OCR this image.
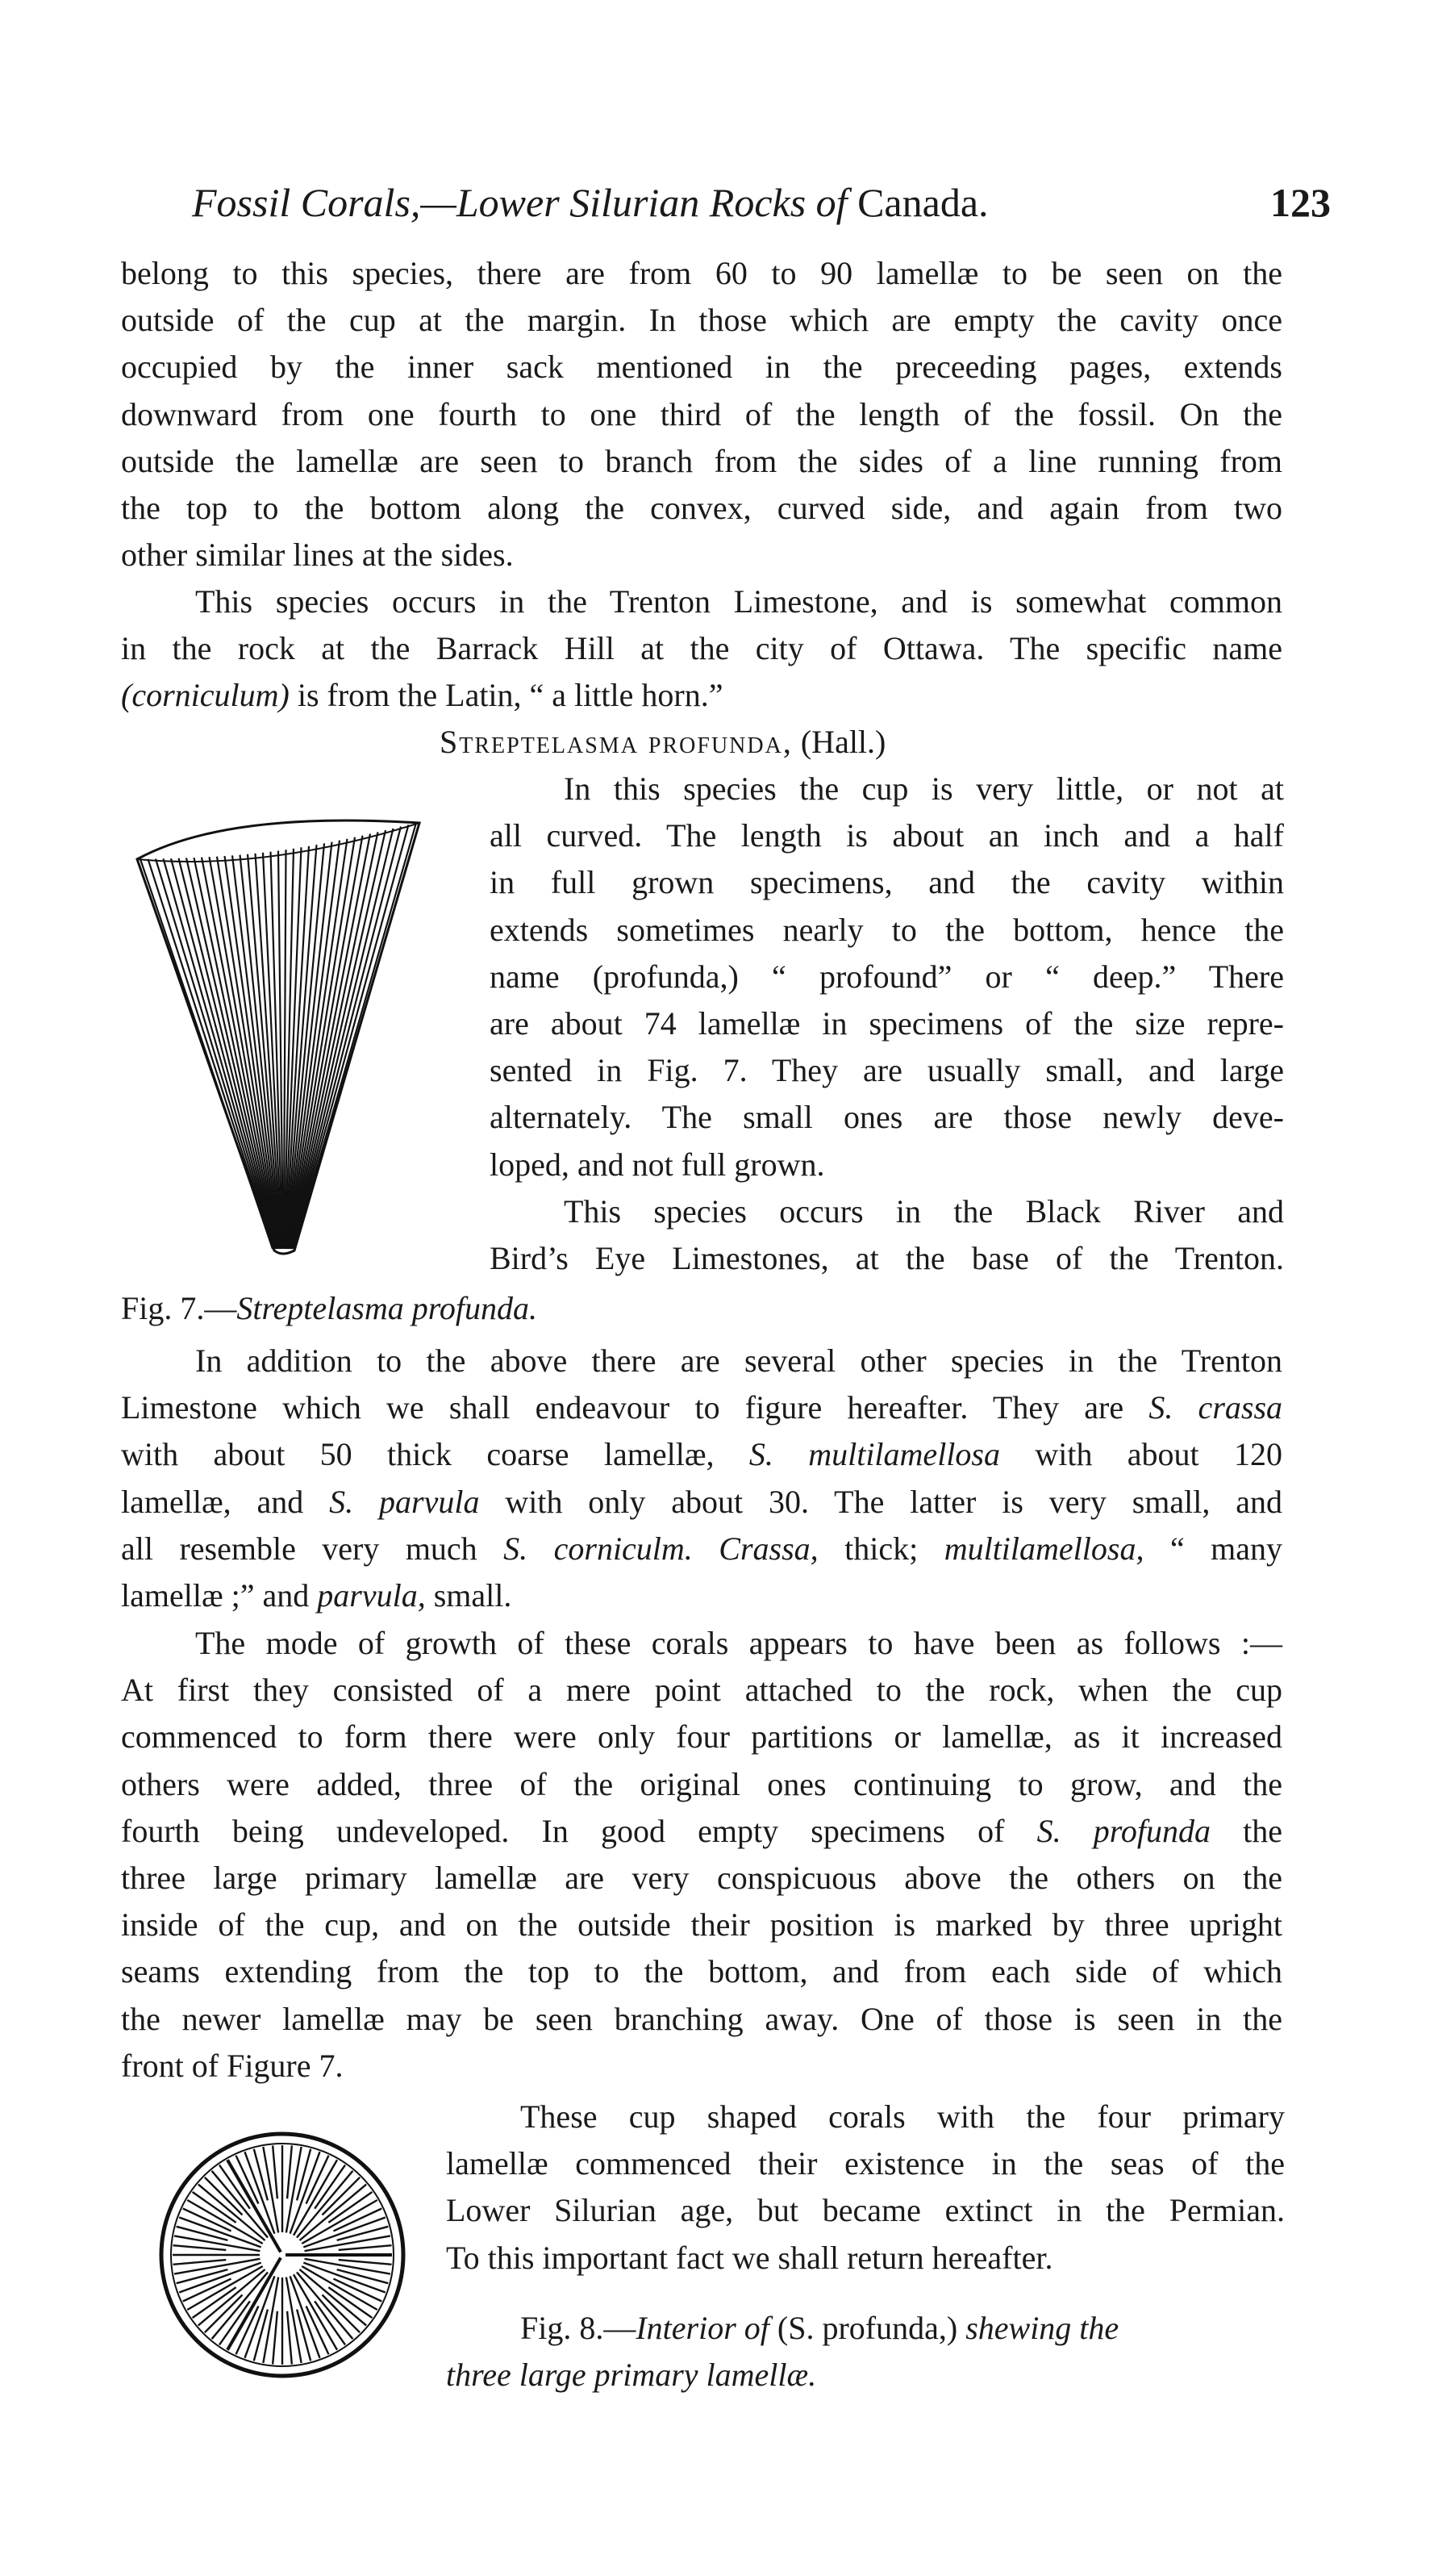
Fossil Corals,—Lower Silurian Rocks of Canada.	123
belong to this species, there are from 60 to 90 lamellæ to be seen on the
outside of the cup at the margin. In those which are empty the cavity once
occupied by the inner sack mentioned in the preceeding pages, extends
downward from one fourth to one third of the length of the fossil. On the
outside the lamellæ are seen to branch from the sides of a line running from
the top to the bottom along the convex, curved side, and again from two
other similar lines at the sides.
This species occurs in the Trenton Limestone, and is somewhat common
in the rock at the Barrack Hill at the city of Ottawa. The specific name
(corniculum) is from the Latin, “ a little horn.”
Streptelasma profunda, (Hall.)
In this species the cup is very little, or not at
all curved. The length is about an inch and a half
in full grown specimens, and the cavity within
extends sometimes nearly to the bottom, hence the
name (profunda,) “ profound” or “ deep.” There
are about 74 lamellæ in specimens of the size repre-
sented in Fig. 7. They are usually small, and large
alternately. The small ones are those newly deve-
loped, and not full grown.
This species occurs in the Black River and
Bird’s Eye Limestones, at the base of the Trenton.
Fig. 7.—Streptelasma profunda.
In addition to the above there are several other species in the Trenton
Limestone which we shall endeavour to figure hereafter. They are S. crassa
with about 50 thick coarse lamellæ, S. multilamellosa with about 120
lamellæ, and S. parvula with only about 30. The latter is very small, and
all resemble very much S. corniculm. Crassa, thick; multilamellosa, “ many
lamellæ ;” and parvula, small.
The mode of growth of these corals appears to have been as follows :—
At first they consisted of a mere point attached to the rock, when the cup
commenced to form there were only four partitions or lamellæ, as it increased
others were added, three of the original ones continuing to grow, and the
fourth being undeveloped. In good empty specimens of S. profunda the
three large primary lamellæ are very conspicuous above the others on the
inside of the cup, and on the outside their position is marked by three upright
seams extending from the top to the bottom, and from each side of which
the newer lamellæ may be seen branching away. One of those is seen in the
front of Figure 7.
These cup shaped corals with the four primary
lamellæ commenced their existence in the seas of the
Lower Silurian age, but became extinct in the Permian.
To this important fact we shall return hereafter.
Fig. 8.—Interior of (S. profunda,) shewing the
three large primary lamellæ.
